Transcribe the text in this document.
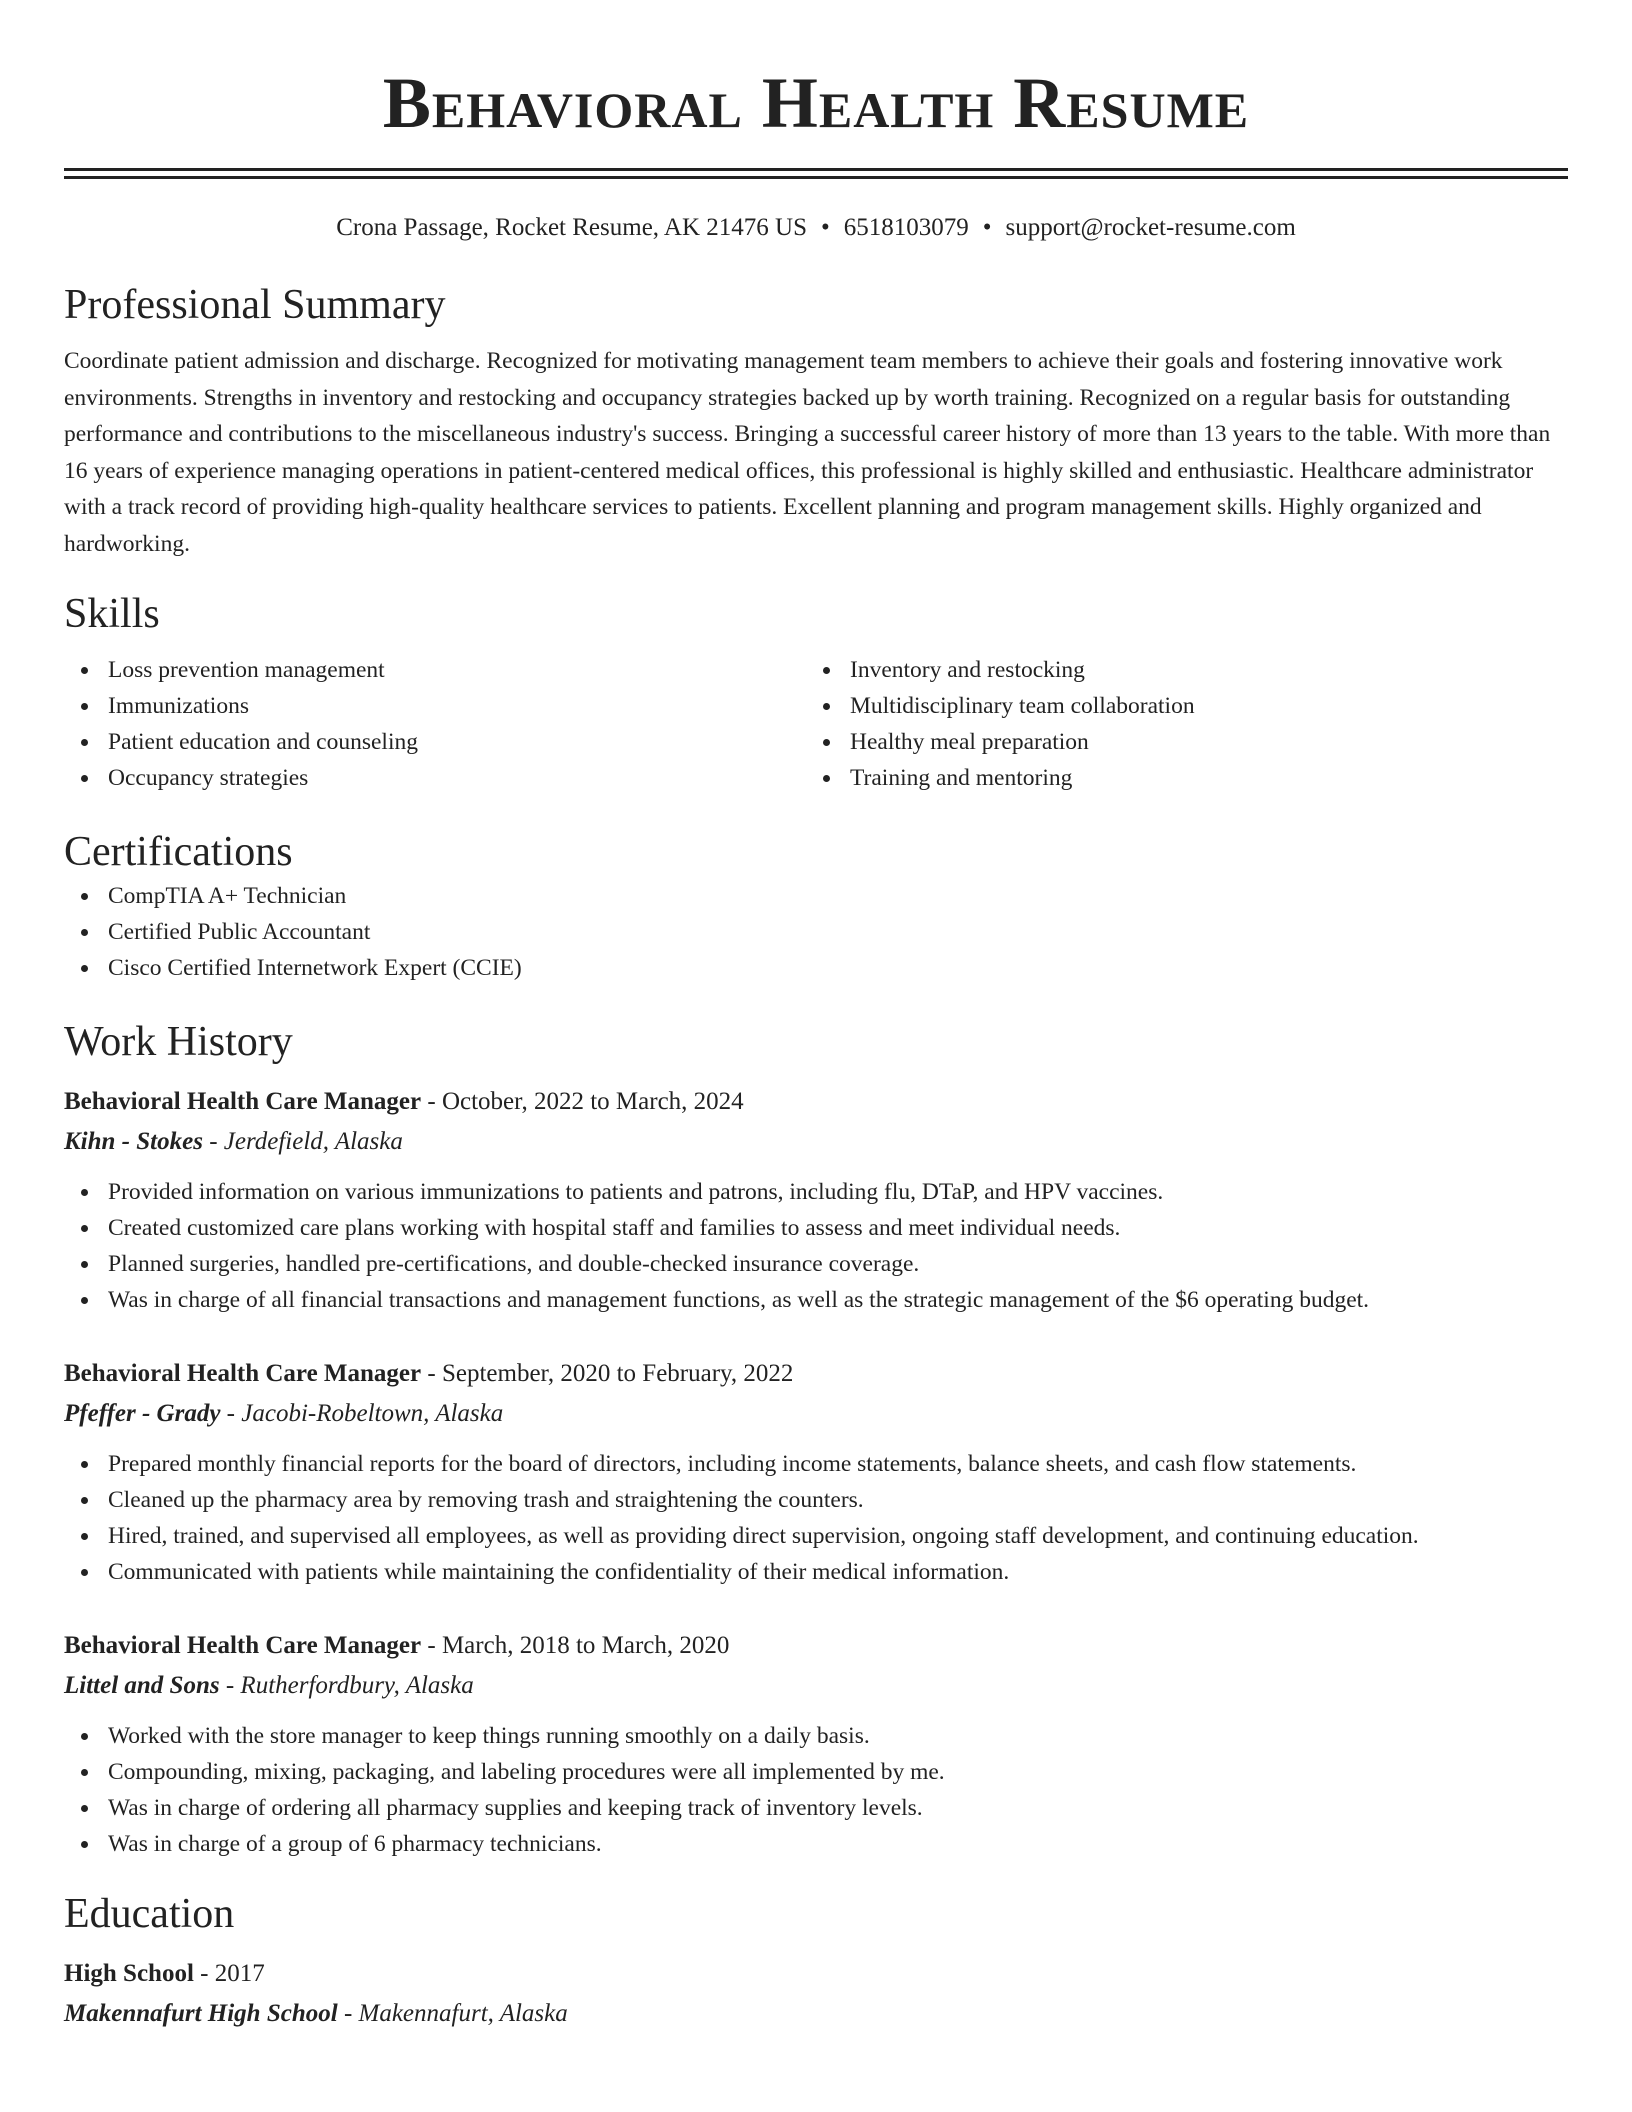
Behavioral Health Resume
Crona Passage, Rocket Resume, AK 21476 US • 6518103079 • support@rocket-resume.com
Professional Summary

Coordinate patient admission and discharge. Recognized for motivating management team members to achieve their goals and fostering innovative work environments. Strengths in inventory and restocking and occupancy strategies backed up by worth training. Recognized on a regular basis for outstanding performance and contributions to the miscellaneous industry's success. Bringing a successful career history of more than 13 years to the table. With more than 16 years of experience managing operations in patient-centered medical offices, this professional is highly skilled and enthusiastic. Healthcare administrator with a track record of providing high-quality healthcare services to patients. Excellent planning and program management skills. Highly organized and hardworking.

Skills
Loss prevention management
Immunizations
Patient education and counseling
Occupancy strategies
Inventory and restocking
Multidisciplinary team collaboration
Healthy meal preparation
Training and mentoring
Certifications
CompTIA A+ Technician
Certified Public Accountant
Cisco Certified Internetwork Expert (CCIE)
Work History
Behavioral Health Care Manager - October, 2022 to March, 2024
Kihn - Stokes - Jerdefield, Alaska
Provided information on various immunizations to patients and patrons, including flu, DTaP, and HPV vaccines.
Created customized care plans working with hospital staff and families to assess and meet individual needs.
Planned surgeries, handled pre-certifications, and double-checked insurance coverage.
Was in charge of all financial transactions and management functions, as well as the strategic management of the $6 operating budget.
Behavioral Health Care Manager - September, 2020 to February, 2022
Pfeffer - Grady - Jacobi-Robeltown, Alaska
Prepared monthly financial reports for the board of directors, including income statements, balance sheets, and cash flow statements.
Cleaned up the pharmacy area by removing trash and straightening the counters.
Hired, trained, and supervised all employees, as well as providing direct supervision, ongoing staff development, and continuing education.
Communicated with patients while maintaining the confidentiality of their medical information.
Behavioral Health Care Manager - March, 2018 to March, 2020
Littel and Sons - Rutherfordbury, Alaska
Worked with the store manager to keep things running smoothly on a daily basis.
Compounding, mixing, packaging, and labeling procedures were all implemented by me.
Was in charge of ordering all pharmacy supplies and keeping track of inventory levels.
Was in charge of a group of 6 pharmacy technicians.
Education
High School - 2017
Makennafurt High School - Makennafurt, Alaska
